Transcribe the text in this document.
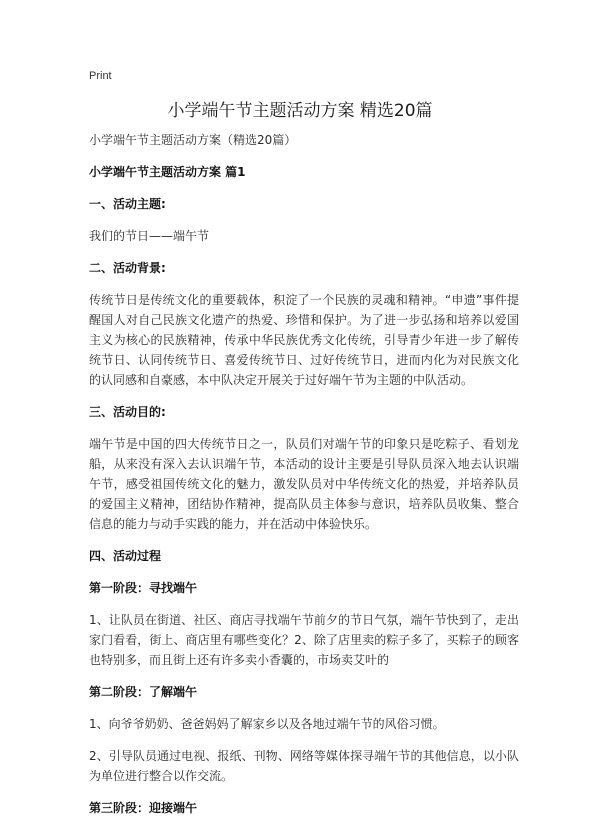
Print
小学端午节主题活动方案 精选20篇

小学端午节主题活动方案（精选20篇）

小学端午节主题活动方案 篇1

一、活动主题:

我们的节日——端午节

二、活动背景:

传统节日是传统文化的重要载体，积淀了一个民族的灵魂和精神。“申遗”事件提醒国人对自己民族文化遗产的热爱、珍惜和保护。为了进一步弘扬和培养以爱国主义为核心的民族精神，传承中华民族优秀文化传统，引导青少年进一步了解传统节日、认同传统节日、喜爱传统节日、过好传统节日，进而内化为对民族文化的认同感和自豪感，本中队决定开展关于过好端午节为主题的中队活动。

三、活动目的:

端午节是中国的四大传统节日之一，队员们对端午节的印象只是吃粽子、看划龙船，从来没有深入去认识端午节，本活动的设计主要是引导队员深入地去认识端午节，感受祖国传统文化的魅力，激发队员对中华传统文化的热爱，并培养队员的爱国主义精神，团结协作精神，提高队员主体参与意识，培养队员收集、整合信息的能力与动手实践的能力，并在活动中体验快乐。

四、活动过程

第一阶段：寻找端午

1、让队员在街道、社区、商店寻找端午节前夕的节日气氛，端午节快到了，走出家门看看，街上、商店里有哪些变化？2、除了店里卖的粽子多了，买粽子的顾客也特别多，而且街上还有许多卖小香囊的，市场卖艾叶的

第二阶段：了解端午

1、向爷爷奶奶、爸爸妈妈了解家乡以及各地过端午节的风俗习惯。

2、引导队员通过电视、报纸、刊物、网络等媒体探寻端午节的其他信息，以小队为单位进行整合以作交流。

第三阶段：迎接端午
